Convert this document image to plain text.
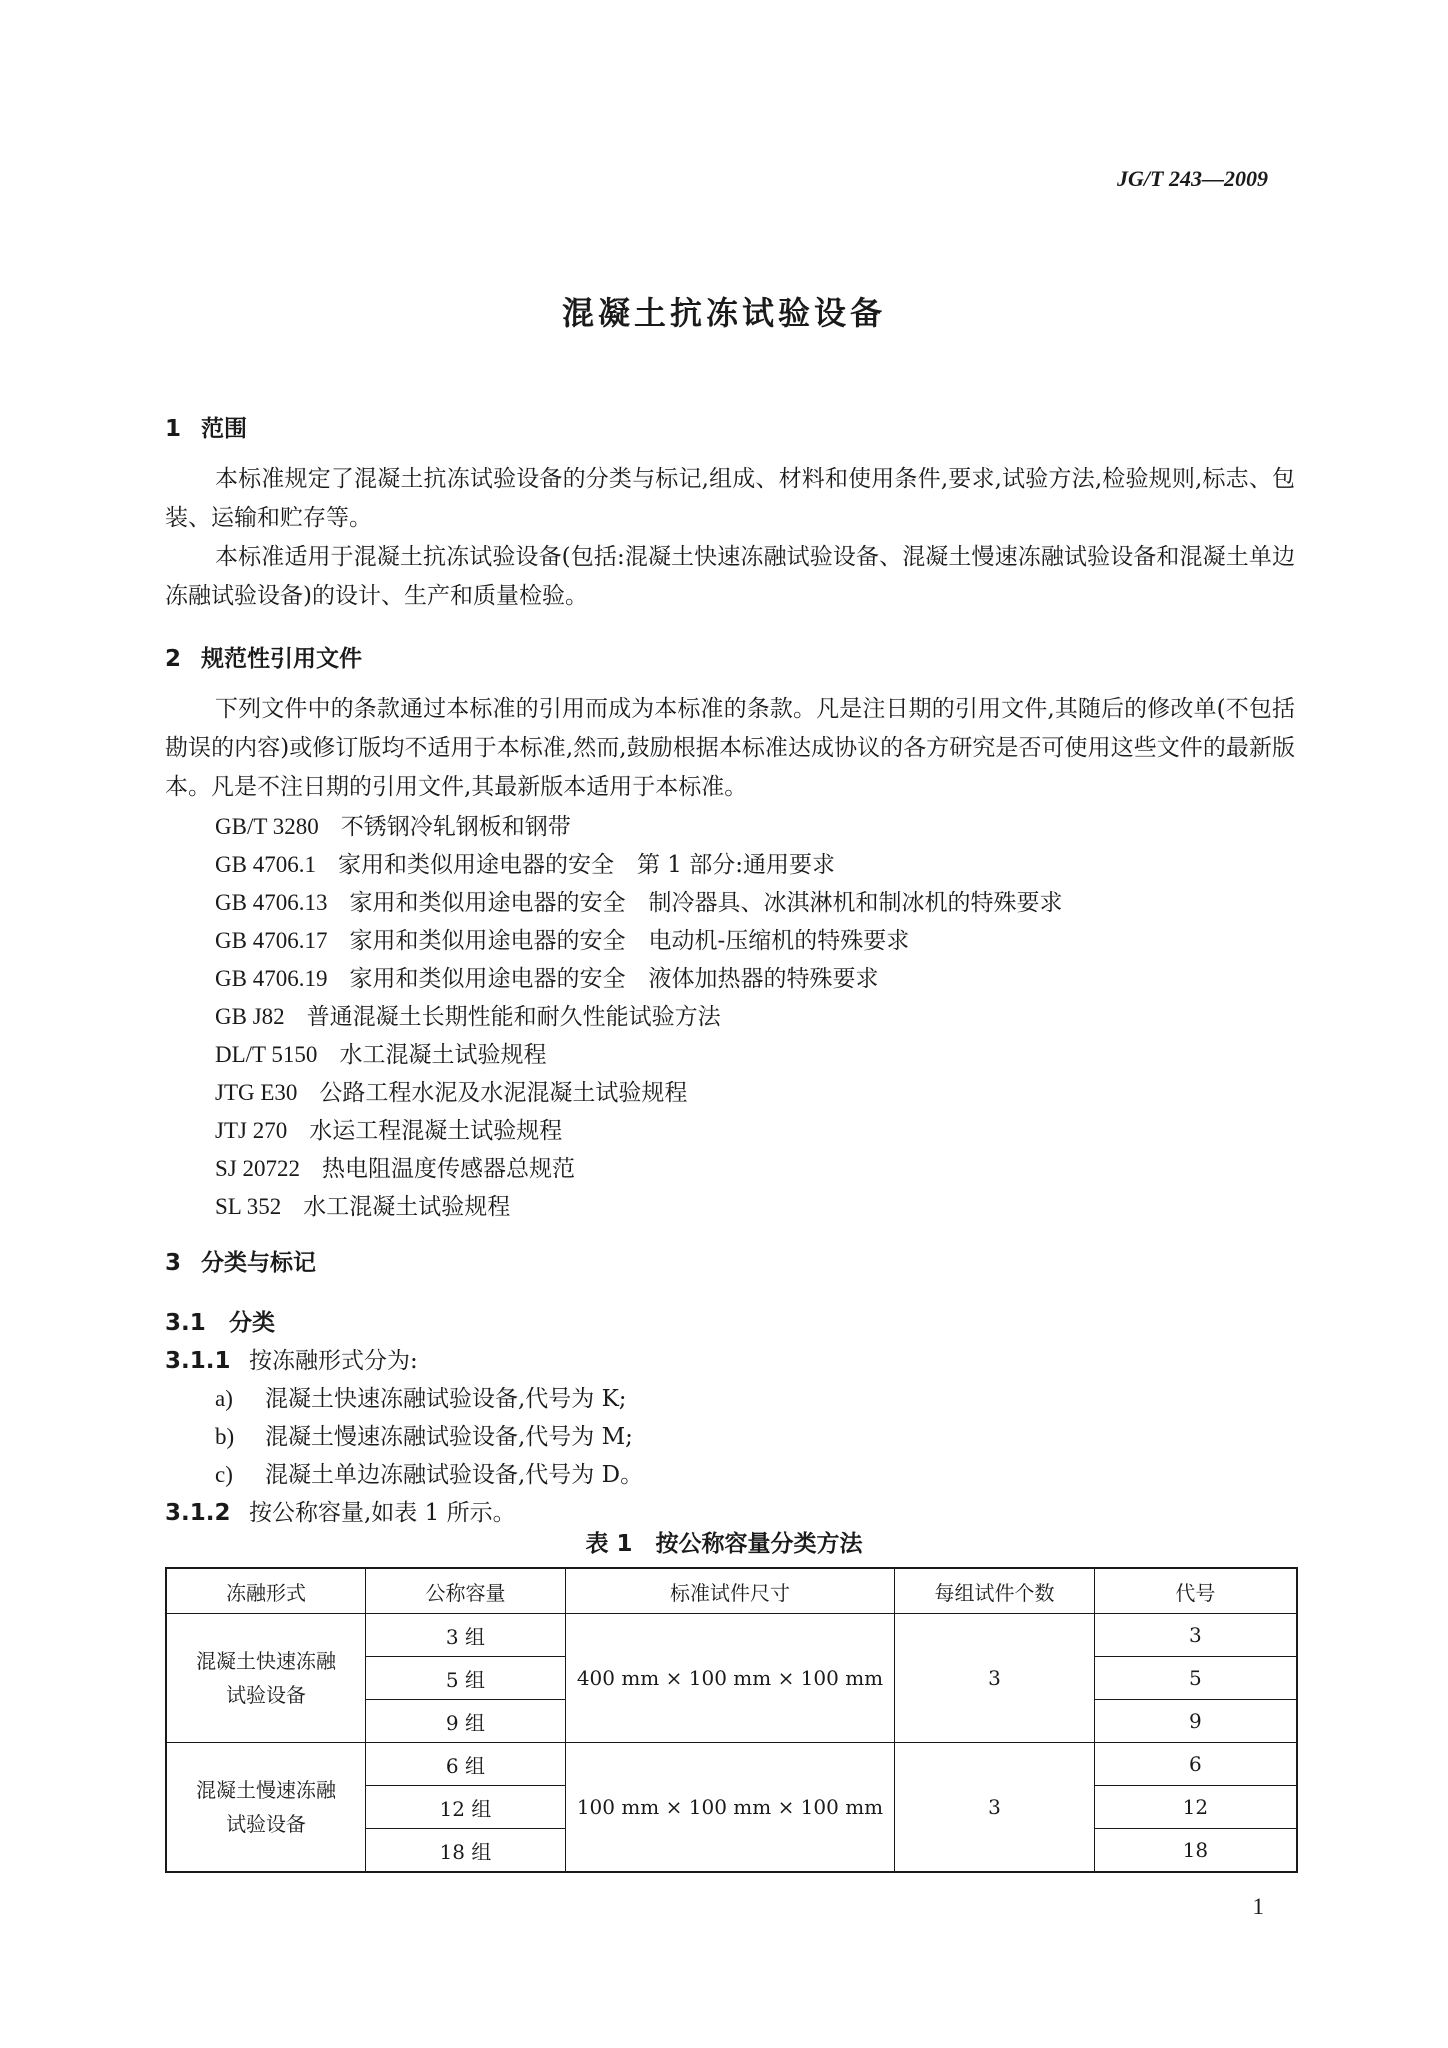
JG/T 243—2009
混凝土抗冻试验设备
1 范围
本标准规定了混凝土抗冻试验设备的分类与标记,组成、材料和使用条件,要求,试验方法,检验规则,标志、包装、运输和贮存等。
本标准适用于混凝土抗冻试验设备(包括:混凝土快速冻融试验设备、混凝土慢速冻融试验设备和混凝土单边冻融试验设备)的设计、生产和质量检验。
2 规范性引用文件
下列文件中的条款通过本标准的引用而成为本标准的条款。凡是注日期的引用文件,其随后的修改单(不包括勘误的内容)或修订版均不适用于本标准,然而,鼓励根据本标准达成协议的各方研究是否可使用这些文件的最新版本。凡是不注日期的引用文件,其最新版本适用于本标准。
GB/T 3280 不锈钢冷轧钢板和钢带
GB 4706.1 家用和类似用途电器的安全　第 1 部分:通用要求
GB 4706.13 家用和类似用途电器的安全　制冷器具、冰淇淋机和制冰机的特殊要求
GB 4706.17 家用和类似用途电器的安全　电动机-压缩机的特殊要求
GB 4706.19 家用和类似用途电器的安全　液体加热器的特殊要求
GB J82 普通混凝土长期性能和耐久性能试验方法
DL/T 5150 水工混凝土试验规程
JTG E30 公路工程水泥及水泥混凝土试验规程
JTJ 270 水运工程混凝土试验规程
SJ 20722 热电阻温度传感器总规范
SL 352 水工混凝土试验规程
3 分类与标记
3.1 分类
3.1.1 按冻融形式分为:
a) 混凝土快速冻融试验设备,代号为 K;
b) 混凝土慢速冻融试验设备,代号为 M;
c) 混凝土单边冻融试验设备,代号为 D。
3.1.2 按公称容量,如表 1 所示。
表 1　按公称容量分类方法
冻融形式	公称容量	标准试件尺寸	每组试件个数	代号

混凝土快速冻融
试验设备	3 组	400 mm × 100 mm × 100 mm	3	3
	5 组			5
	9 组			9

混凝土慢速冻融
试验设备	6 组	100 mm × 100 mm × 100 mm	3	6
	12 组			12
	18 组			18
1
